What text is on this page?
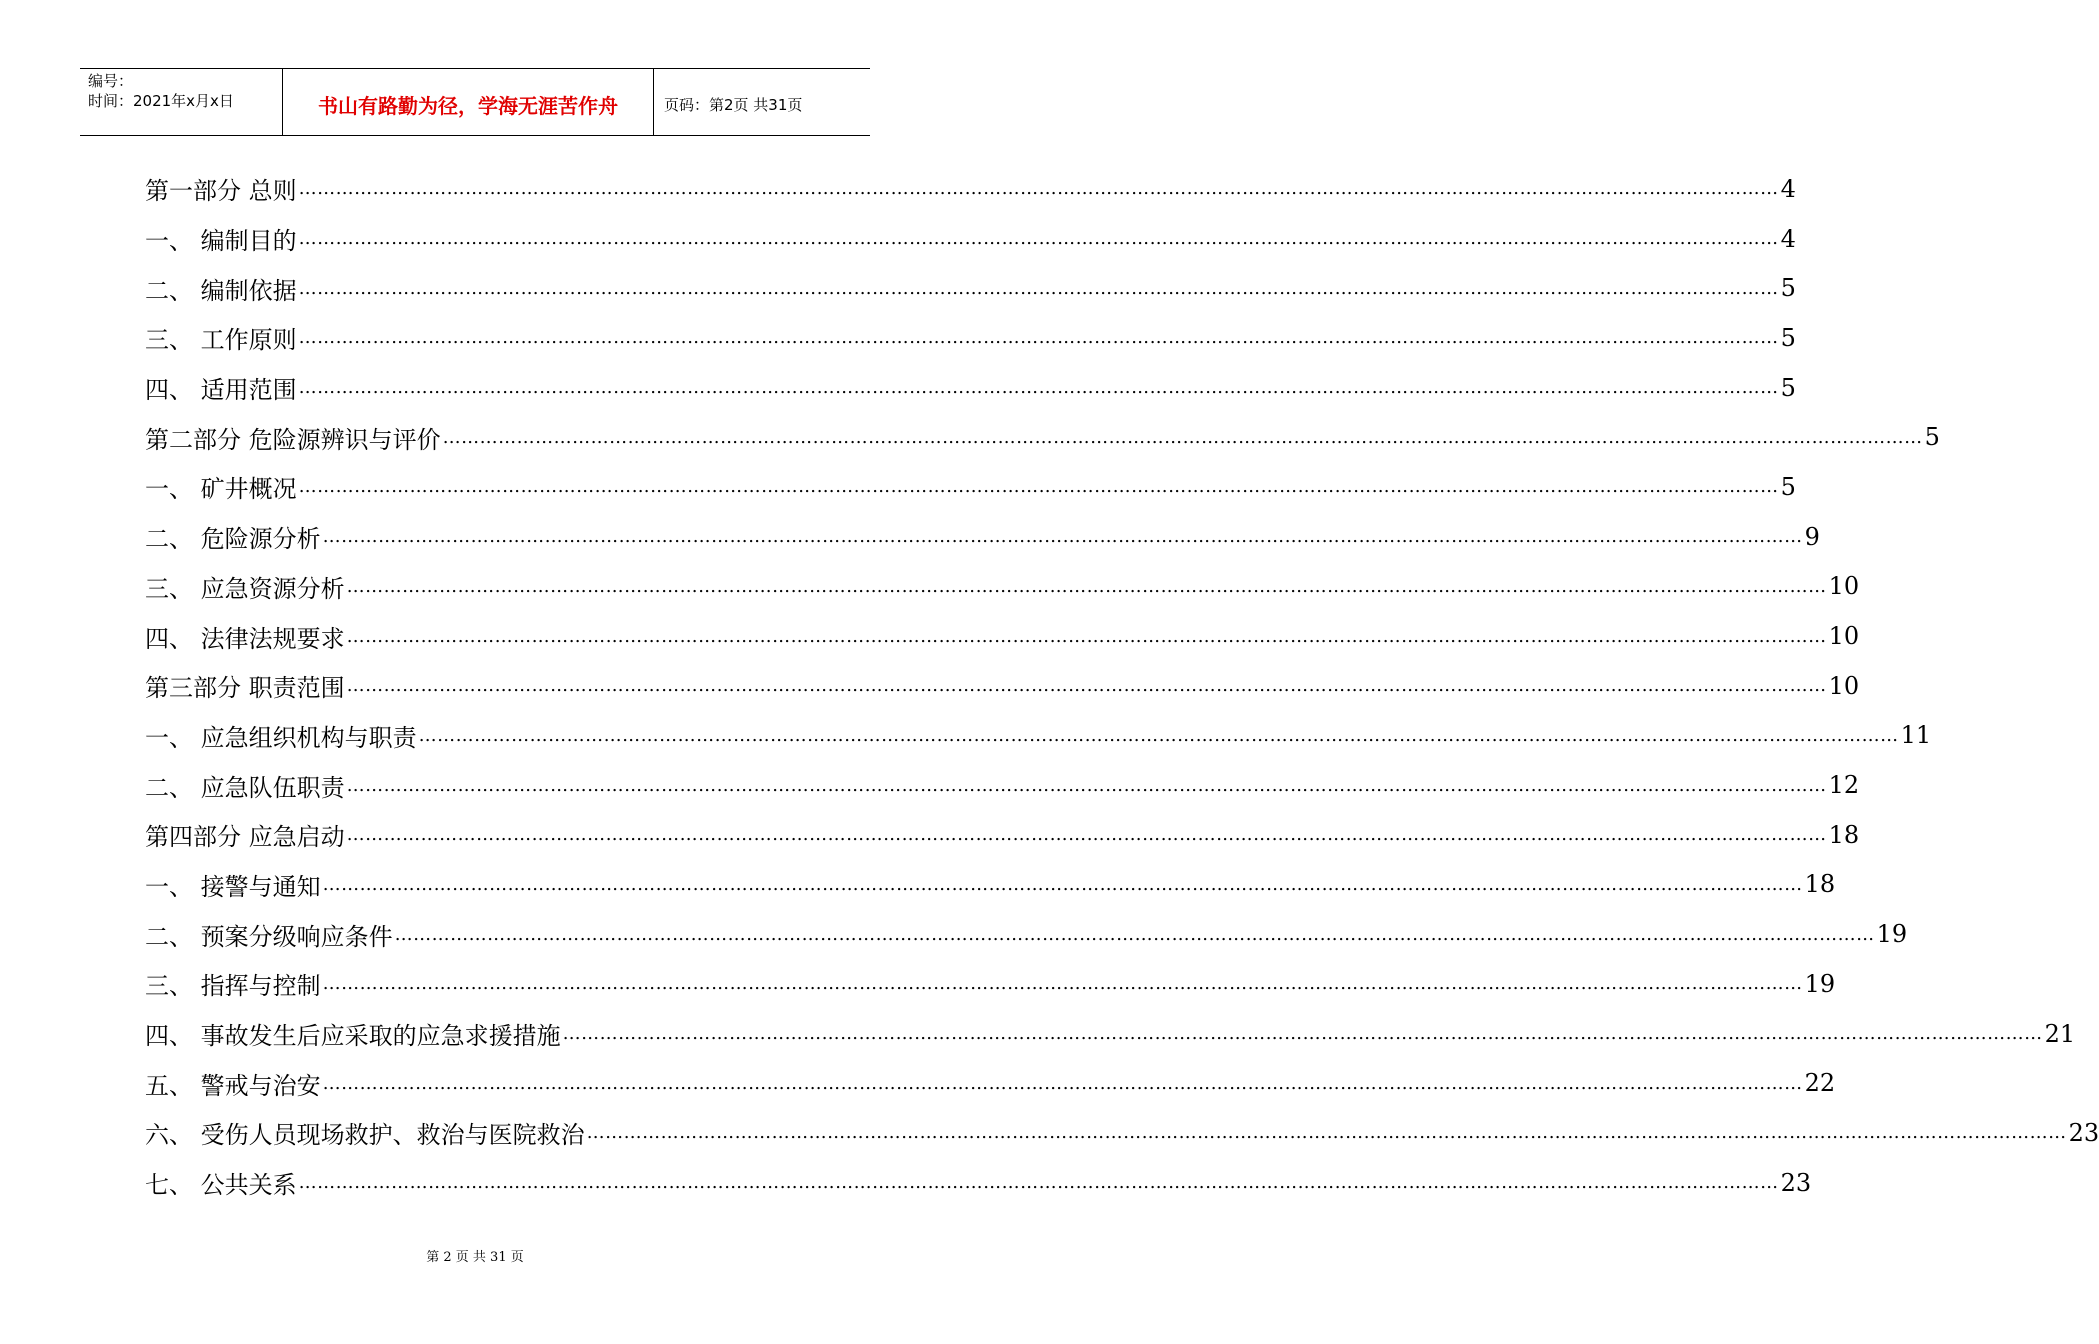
编号：
时间：2021年x月x日	书山有路勤为径，学海无涯苦作舟	页码：第2页 共31页
第一部分 总则 …………………………………………………………………………………………………………………………………………………………………………………………………………………… 4
一、 编制目的 …………………………………………………………………………………………………………………………………………………………………………………………………………………… 4
二、 编制依据 …………………………………………………………………………………………………………………………………………………………………………………………………………………… 5
三、 工作原则 …………………………………………………………………………………………………………………………………………………………………………………………………………………… 5
四、 适用范围 …………………………………………………………………………………………………………………………………………………………………………………………………………………… 5
第二部分 危险源辨识与评价 …………………………………………………………………………………………………………………………………………………………………………………………………………………… 5
一、 矿井概况 …………………………………………………………………………………………………………………………………………………………………………………………………………………… 5
二、 危险源分析 …………………………………………………………………………………………………………………………………………………………………………………………………………………… 9
三、 应急资源分析 …………………………………………………………………………………………………………………………………………………………………………………………………………………… 10
四、 法律法规要求 …………………………………………………………………………………………………………………………………………………………………………………………………………………… 10
第三部分 职责范围 …………………………………………………………………………………………………………………………………………………………………………………………………………………… 10
一、 应急组织机构与职责 …………………………………………………………………………………………………………………………………………………………………………………………………………………… 11
二、 应急队伍职责 …………………………………………………………………………………………………………………………………………………………………………………………………………………… 12
第四部分 应急启动 …………………………………………………………………………………………………………………………………………………………………………………………………………………… 18
一、 接警与通知 …………………………………………………………………………………………………………………………………………………………………………………………………………………… 18
二、 预案分级响应条件 …………………………………………………………………………………………………………………………………………………………………………………………………………………… 19
三、 指挥与控制 …………………………………………………………………………………………………………………………………………………………………………………………………………………… 19
四、 事故发生后应采取的应急求援措施 …………………………………………………………………………………………………………………………………………………………………………………………………………………… 21
五、 警戒与治安 …………………………………………………………………………………………………………………………………………………………………………………………………………………… 22
六、 受伤人员现场救护、救治与医院救治 …………………………………………………………………………………………………………………………………………………………………………………………………………………… 23
七、 公共关系 …………………………………………………………………………………………………………………………………………………………………………………………………………………… 23
第 2 页 共 31 页
